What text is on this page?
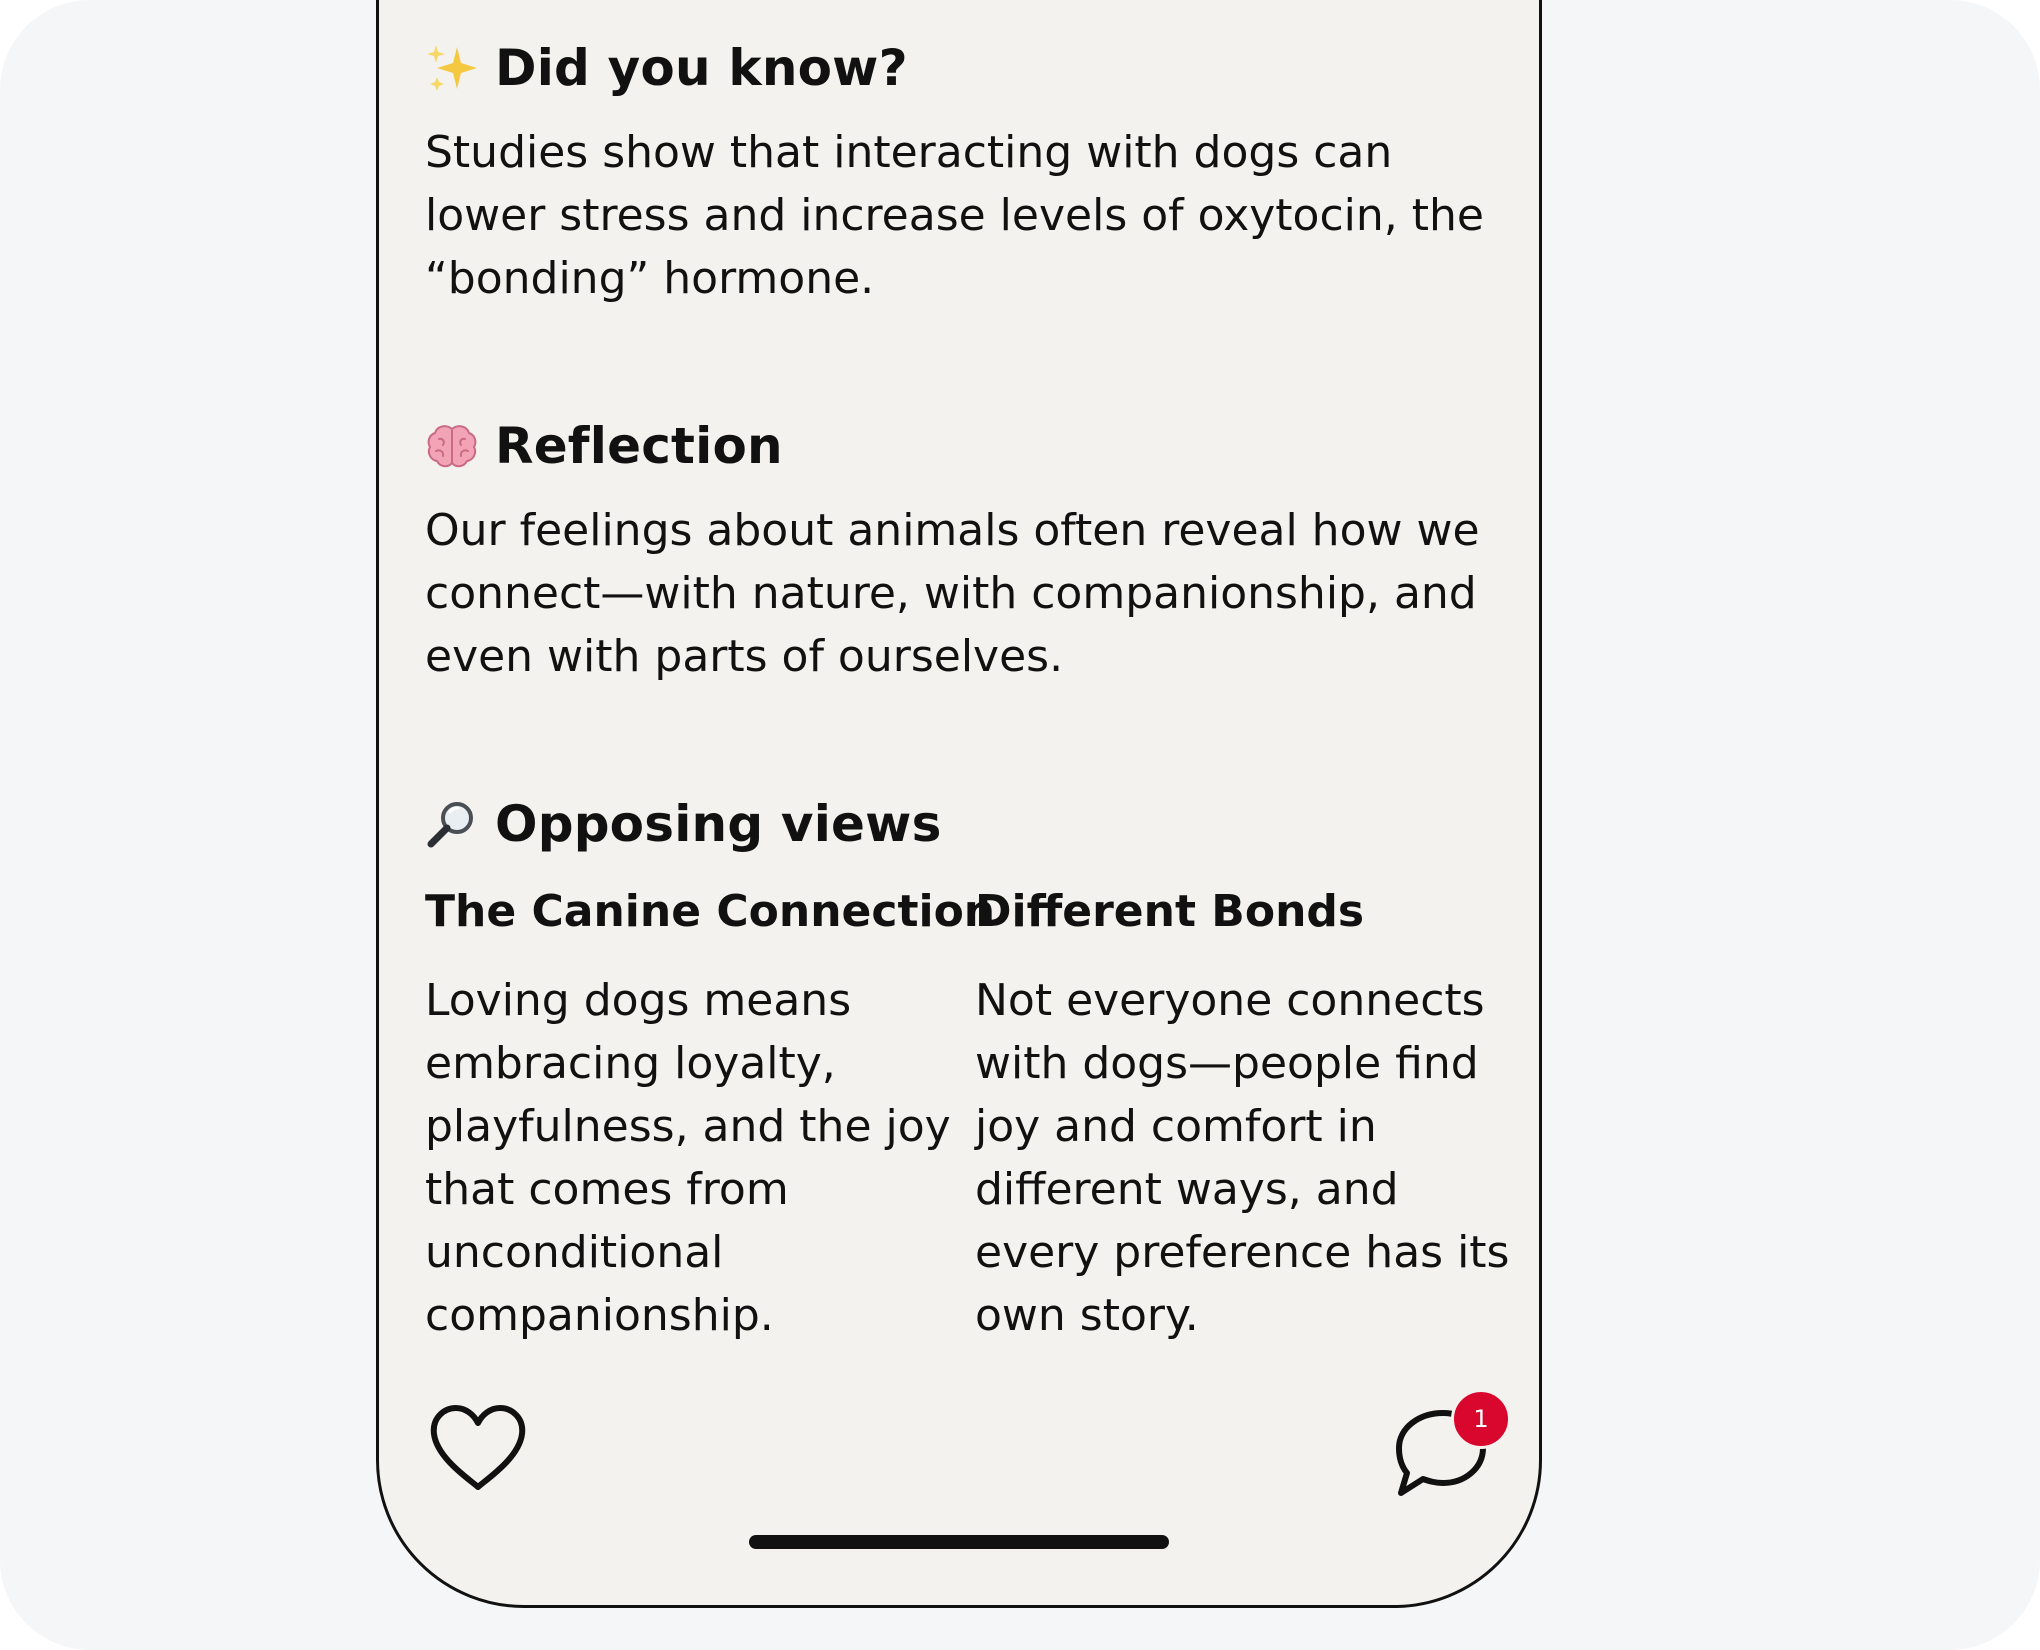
Did you know?

Studies show that interacting with dogs can lower stress and increase levels of oxytocin, the “bonding” hormone.

Reflection

Our feelings about animals often reveal how we connect—with nature, with companionship, and even with parts of ourselves.

Opposing views
The Canine Connection
Loving dogs means embracing loyalty, playfulness, and the joy that comes from unconditional companionship.
Different Bonds
Not everyone connects with dogs—people find joy and comfort in different ways, and every preference has its own story.
1
